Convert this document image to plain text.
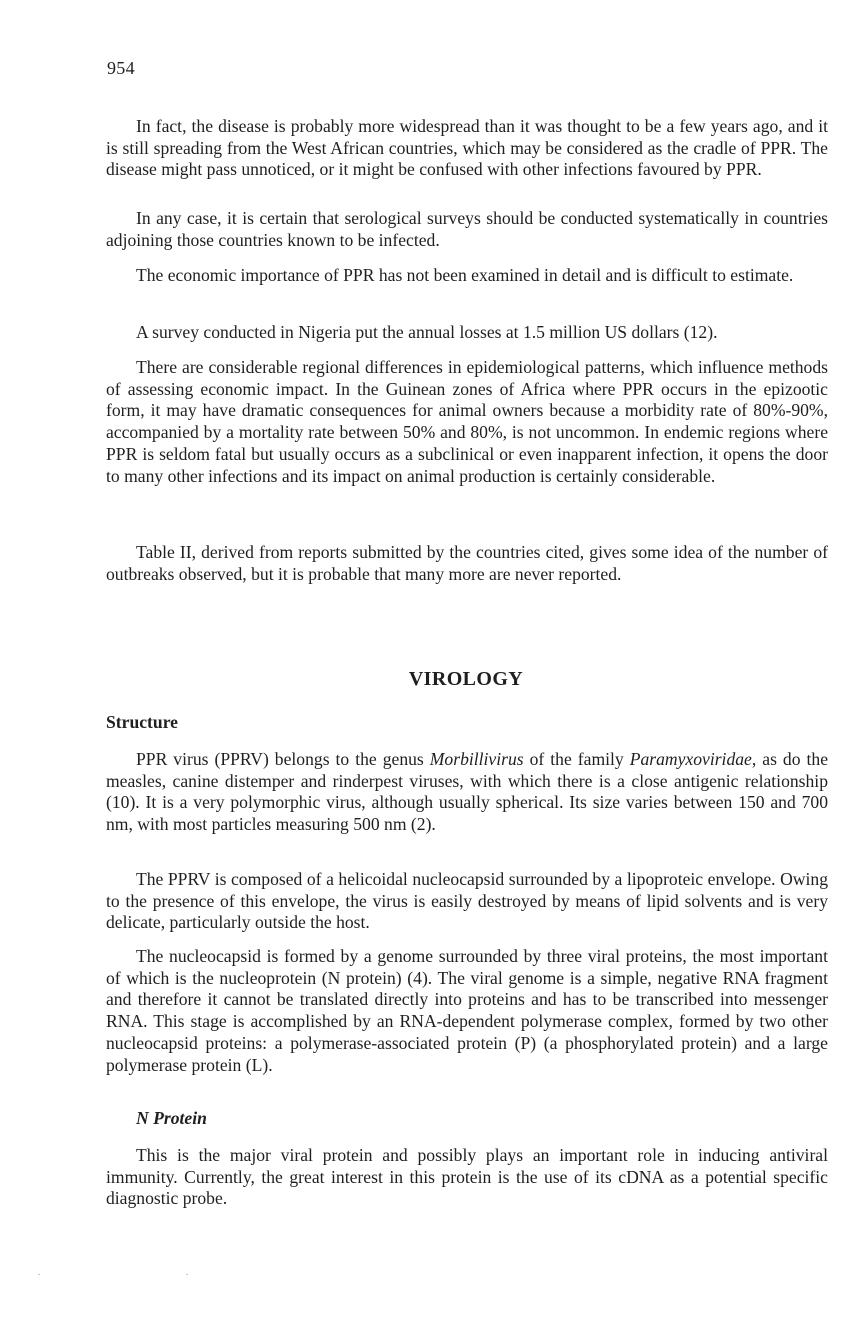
954

In fact, the disease is probably more widespread than it was thought to be a few years ago, and it is still spreading from the West African countries, which may be considered as the cradle of PPR. The disease might pass unnoticed, or it might be confused with other infections favoured by PPR.

In any case, it is certain that serological surveys should be conducted systematically in countries adjoining those countries known to be infected.

The economic importance of PPR has not been examined in detail and is difficult to estimate.

A survey conducted in Nigeria put the annual losses at 1.5 million US dollars (12).

There are considerable regional differences in epidemiological patterns, which influence methods of assessing economic impact. In the Guinean zones of Africa where PPR occurs in the epizootic form, it may have dramatic consequences for animal owners because a morbidity rate of 80%-90%, accompanied by a mortality rate between 50% and 80%, is not uncommon. In endemic regions where PPR is seldom fatal but usually occurs as a subclinical or even inapparent infection, it opens the door to many other infections and its impact on animal production is certainly considerable.

Table II, derived from reports submitted by the countries cited, gives some idea of the number of outbreaks observed, but it is probable that many more are never reported.

VIROLOGY
Structure

PPR virus (PPRV) belongs to the genus Morbillivirus of the family Paramyxoviridae, as do the measles, canine distemper and rinderpest viruses, with which there is a close antigenic relationship (10). It is a very polymorphic virus, although usually spherical. Its size varies between 150 and 700 nm, with most particles measuring 500 nm (2).

The PPRV is composed of a helicoidal nucleocapsid surrounded by a lipoproteic envelope. Owing to the presence of this envelope, the virus is easily destroyed by means of lipid solvents and is very delicate, particularly outside the host.

The nucleocapsid is formed by a genome surrounded by three viral proteins, the most important of which is the nucleoprotein (N protein) (4). The viral genome is a simple, negative RNA fragment and therefore it cannot be translated directly into proteins and has to be transcribed into messenger RNA. This stage is accomplished by an RNA-dependent polymerase complex, formed by two other nucleocapsid proteins: a polymerase-associated protein (P) (a phosphorylated protein) and a large polymerase protein (L).

N Protein

This is the major viral protein and possibly plays an important role in inducing antiviral immunity. Currently, the great interest in this protein is the use of its cDNA as a potential specific diagnostic probe.
